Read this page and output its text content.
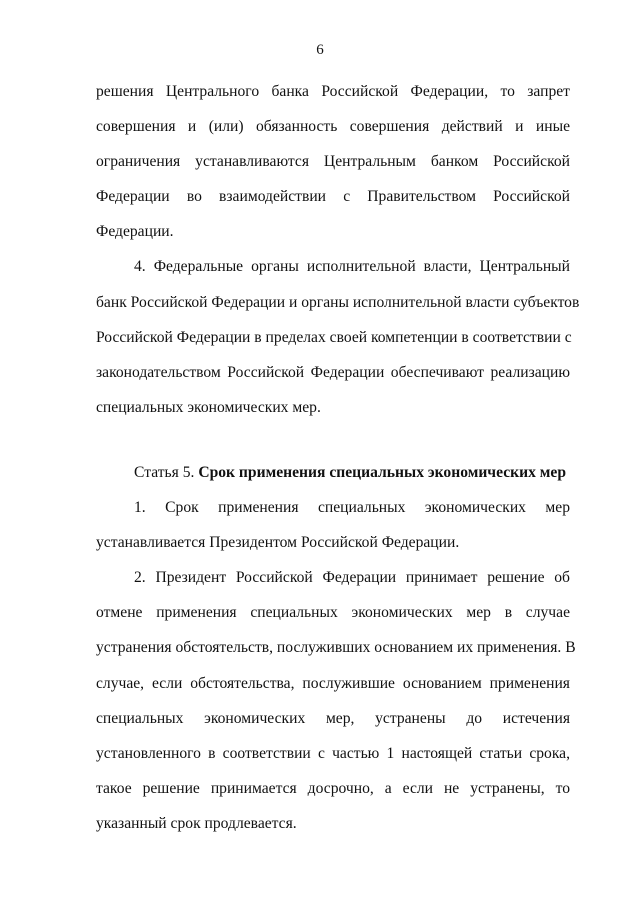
6
решения Центрального банка Российской Федерации, то запрет
совершения и (или) обязанность совершения действий и иные
ограничения устанавливаются Центральным банком Российской
Федерации во взаимодействии с Правительством Российской
Федерации.
4. Федеральные органы исполнительной власти, Центральный
банк Российской Федерации и органы исполнительной власти субъектов
Российской Федерации в пределах своей компетенции в соответствии с
законодательством Российской Федерации обеспечивают реализацию
специальных экономических мер.
Статья 5. Срок применения специальных экономических мер
1. Срок применения специальных экономических мер
устанавливается Президентом Российской Федерации.
2. Президент Российской Федерации принимает решение об
отмене применения специальных экономических мер в случае
устранения обстоятельств, послуживших основанием их применения. В
случае, если обстоятельства, послужившие основанием применения
специальных экономических мер, устранены до истечения
установленного в соответствии с частью 1 настоящей статьи срока,
такое решение принимается досрочно, а если не устранены, то
указанный срок продлевается.
